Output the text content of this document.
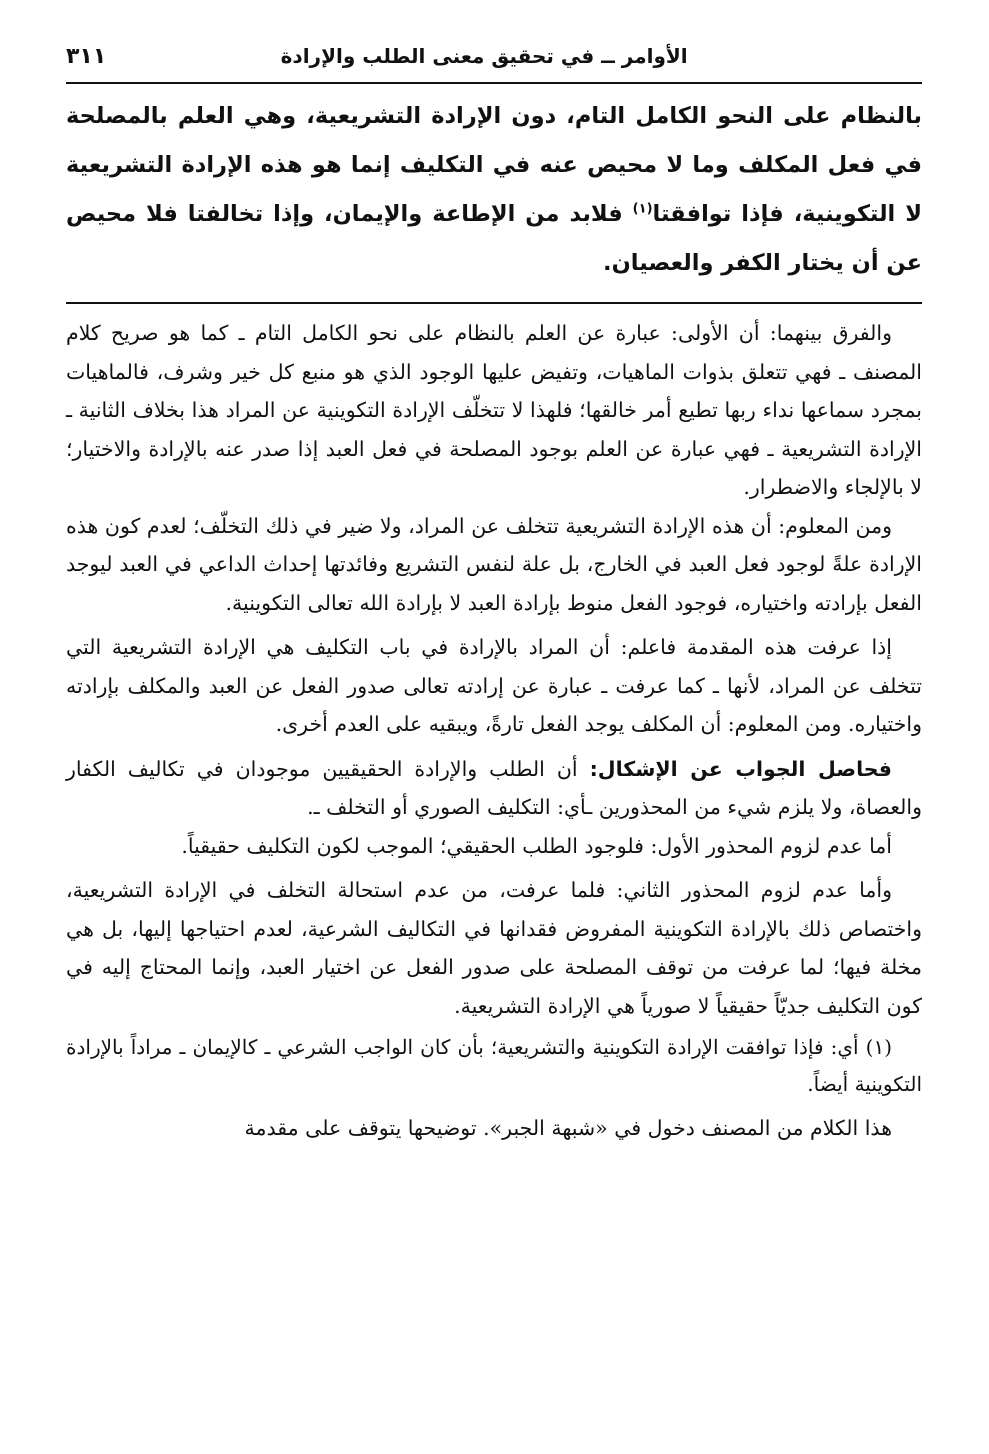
الأوامر ــ في تحقيق معنى الطلب والإرادة
٣١١
بالنظام على النحو الكامل التام، دون الإرادة التشريعية، وهي العلم بالمصلحة في فعل المكلف وما لا محيص عنه في التكليف إنما هو هذه الإرادة التشريعية لا التكوينية، فإذا توافقتا$^{(١)}$ فلابد من الإطاعة والإيمان، وإذا تخالفتا فلا محيص عن أن يختار الكفر والعصيان.

والفرق بينهما: أن الأولى: عبارة عن العلم بالنظام على نحو الكامل التام ـ كما هو صريح كلام المصنف ـ فهي تتعلق بذوات الماهيات، وتفيض عليها الوجود الذي هو منبع كل خير وشرف، فالماهيات بمجرد سماعها نداء ربها تطيع أمر خالقها؛ فلهذا لا تتخلّف الإرادة التكوينية عن المراد هذا بخلاف الثانية ـ الإرادة التشريعية ـ فهي عبارة عن العلم بوجود المصلحة في فعل العبد إذا صدر عنه بالإرادة والاختيار؛ لا بالإلجاء والاضطرار.

ومن المعلوم: أن هذه الإرادة التشريعية تتخلف عن المراد، ولا ضير في ذلك التخلّف؛ لعدم كون هذه الإرادة علةً لوجود فعل العبد في الخارج، بل علة لنفس التشريع وفائدتها إحداث الداعي في العبد ليوجد الفعل بإرادته واختياره، فوجود الفعل منوط بإرادة العبد لا بإرادة الله تعالى التكوينية.

إذا عرفت هذه المقدمة فاعلم: أن المراد بالإرادة في باب التكليف هي الإرادة التشريعية التي تتخلف عن المراد، لأنها ـ كما عرفت ـ عبارة عن إرادته تعالى صدور الفعل عن العبد والمكلف بإرادته واختياره. ومن المعلوم: أن المكلف يوجد الفعل تارةً، ويبقيه على العدم أخرى.

فحاصل الجواب عن الإشكال: أن الطلب والإرادة الحقيقيين موجودان في تكاليف الكفار والعصاة، ولا يلزم شيء من المحذورين ـأي: التكليف الصوري أو التخلف ـ.

أما عدم لزوم المحذور الأول: فلوجود الطلب الحقيقي؛ الموجب لكون التكليف حقيقياً.

وأما عدم لزوم المحذور الثاني: فلما عرفت، من عدم استحالة التخلف في الإرادة التشريعية، واختصاص ذلك بالإرادة التكوينية المفروض فقدانها في التكاليف الشرعية، لعدم احتياجها إليها، بل هي مخلة فيها؛ لما عرفت من توقف المصلحة على صدور الفعل عن اختيار العبد، وإنما المحتاج إليه في كون التكليف جديّاً حقيقياً لا صورياً هي الإرادة التشريعية.

(١) أي: فإذا توافقت الإرادة التكوينية والتشريعية؛ بأن كان الواجب الشرعي ـ كالإيمان ـ مراداً بالإرادة التكوينية أيضاً.

هذا الكلام من المصنف دخول في «شبهة الجبر». توضيحها يتوقف على مقدمة
